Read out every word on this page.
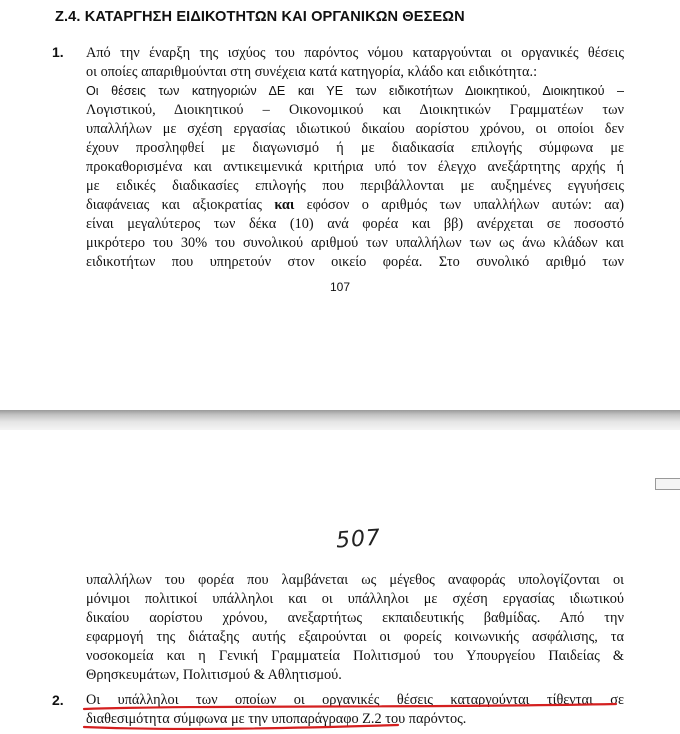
Ζ.4. ΚΑΤΑΡΓΗΣΗ ΕΙΔΙΚΟΤΗΤΩΝ ΚΑΙ ΟΡΓΑΝΙΚΩΝ ΘΕΣΕΩΝ
1. Από την έναρξη της ισχύος του παρόντος νόμου καταργούνται οι οργανικές θέσεις
οι οποίες απαριθμούνται στη συνέχεια κατά κατηγορία, κλάδο και ειδικότητα.:
Οι θέσεις των κατηγοριών ΔΕ και ΥΕ των ειδικοτήτων Διοικητικού, Διοικητικού –
Λογιστικού, Διοικητικού – Οικονομικού και Διοικητικών Γραμματέων των
υπαλλήλων με σχέση εργασίας ιδιωτικού δικαίου αορίστου χρόνου, οι οποίοι δεν
έχουν προσληφθεί με διαγωνισμό ή με διαδικασία επιλογής σύμφωνα με
προκαθορισμένα και αντικειμενικά κριτήρια υπό τον έλεγχο ανεξάρτητης αρχής ή
με ειδικές διαδικασίες επιλογής που περιβάλλονται με αυξημένες εγγυήσεις
διαφάνειας και αξιοκρατίας και εφόσον ο αριθμός των υπαλλήλων αυτών: αα)
είναι μεγαλύτερος των δέκα (10) ανά φορέα και ββ) ανέρχεται σε ποσοστό
μικρότερο του 30% του συνολικού αριθμού των υπαλλήλων των ως άνω κλάδων και
ειδικοτήτων που υπηρετούν στον οικείο φορέα. Στο συνολικό αριθμό των
107
507
υπαλλήλων του φορέα που λαμβάνεται ως μέγεθος αναφοράς υπολογίζονται οι
μόνιμοι πολιτικοί υπάλληλοι και οι υπάλληλοι με σχέση εργασίας ιδιωτικού
δικαίου αορίστου χρόνου, ανεξαρτήτως εκπαιδευτικής βαθμίδας. Από την
εφαρμογή της διάταξης αυτής εξαιρούνται οι φορείς κοινωνικής ασφάλισης, τα
νοσοκομεία και η Γενική Γραμματεία Πολιτισμού του Υπουργείου Παιδείας &
Θρησκευμάτων, Πολιτισμού & Αθλητισμού.
2. Οι υπάλληλοι των οποίων οι οργανικές θέσεις καταργούνται τίθενται σε
διαθεσιμότητα σύμφωνα με την υποπαράγραφο Ζ.2 του παρόντος.
